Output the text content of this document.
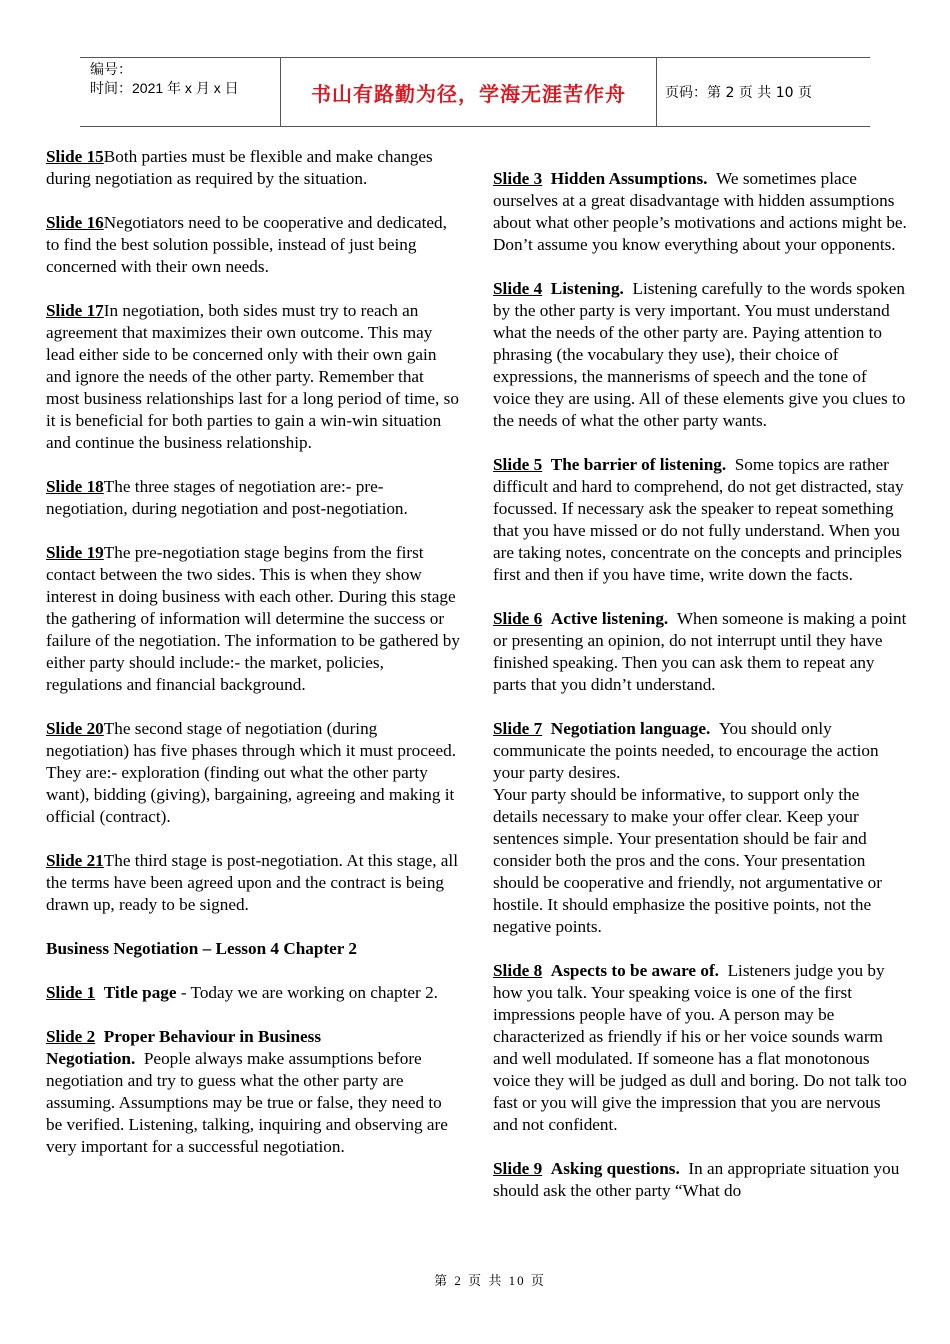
编号：
时间：2021 年 x 月 x 日	书山有路勤为径，学海无涯苦作舟	页码：第 2 页 共 10 页

Slide 15Both parties must be flexible and make changes during negotiation as required by the situation.

Slide 16Negotiators need to be cooperative and dedicated, to find the best solution possible, instead of just being concerned with their own needs.

Slide 17In negotiation, both sides must try to reach an agreement that maximizes their own outcome. This may lead either side to be concerned only with their own gain and ignore the needs of the other party. Remember that most business relationships last for a long period of time, so it is beneficial for both parties to gain a win-win situation and continue the business relationship.

Slide 18The three stages of negotiation are:- pre-negotiation, during negotiation and post-negotiation.

Slide 19The pre-negotiation stage begins from the first contact between the two sides. This is when they show interest in doing business with each other. During this stage the gathering of information will determine the success or failure of the negotiation. The information to be gathered by either party should include:- the market, policies, regulations and financial background.

Slide 20The second stage of negotiation (during negotiation) has five phases through which it must proceed. They are:- exploration (finding out what the other party want), bidding (giving), bargaining, agreeing and making it official (contract).

Slide 21The third stage is post-negotiation. At this stage, all the terms have been agreed upon and the contract is being drawn up, ready to be signed.

Business Negotiation – Lesson 4 Chapter 2

Slide 1 Title page - Today we are working on chapter 2.

Slide 2 Proper Behaviour in Business Negotiation. People always make assumptions before negotiation and try to guess what the other party are assuming. Assumptions may be true or false, they need to be verified. Listening, talking, inquiring and observing are very important for a successful negotiation.

Slide 3 Hidden Assumptions. We sometimes place ourselves at a great disadvantage with hidden assumptions about what other people’s motivations and actions might be. Don’t assume you know everything about your opponents.

Slide 4 Listening. Listening carefully to the words spoken by the other party is very important. You must understand what the needs of the other party are. Paying attention to phrasing (the vocabulary they use), their choice of expressions, the mannerisms of speech and the tone of voice they are using. All of these elements give you clues to the needs of what the other party wants.

Slide 5 The barrier of listening. Some topics are rather difficult and hard to comprehend, do not get distracted, stay focussed. If necessary ask the speaker to repeat something that you have missed or do not fully understand. When you are taking notes, concentrate on the concepts and principles first and then if you have time, write down the facts.

Slide 6 Active listening. When someone is making a point or presenting an opinion, do not interrupt until they have finished speaking. Then you can ask them to repeat any parts that you didn’t understand.

Slide 7 Negotiation language. You should only communicate the points needed, to encourage the action your party desires.
Your party should be informative, to support only the details necessary to make your offer clear. Keep your sentences simple. Your presentation should be fair and consider both the pros and the cons. Your presentation should be cooperative and friendly, not argumentative or hostile. It should emphasize the positive points, not the negative points.

Slide 8 Aspects to be aware of. Listeners judge you by how you talk. Your speaking voice is one of the first impressions people have of you. A person may be characterized as friendly if his or her voice sounds warm and well modulated. If someone has a flat monotonous voice they will be judged as dull and boring. Do not talk too fast or you will give the impression that you are nervous and not confident.

Slide 9 Asking questions. In an appropriate situation you should ask the other party “What do

第 2 页 共 10 页
